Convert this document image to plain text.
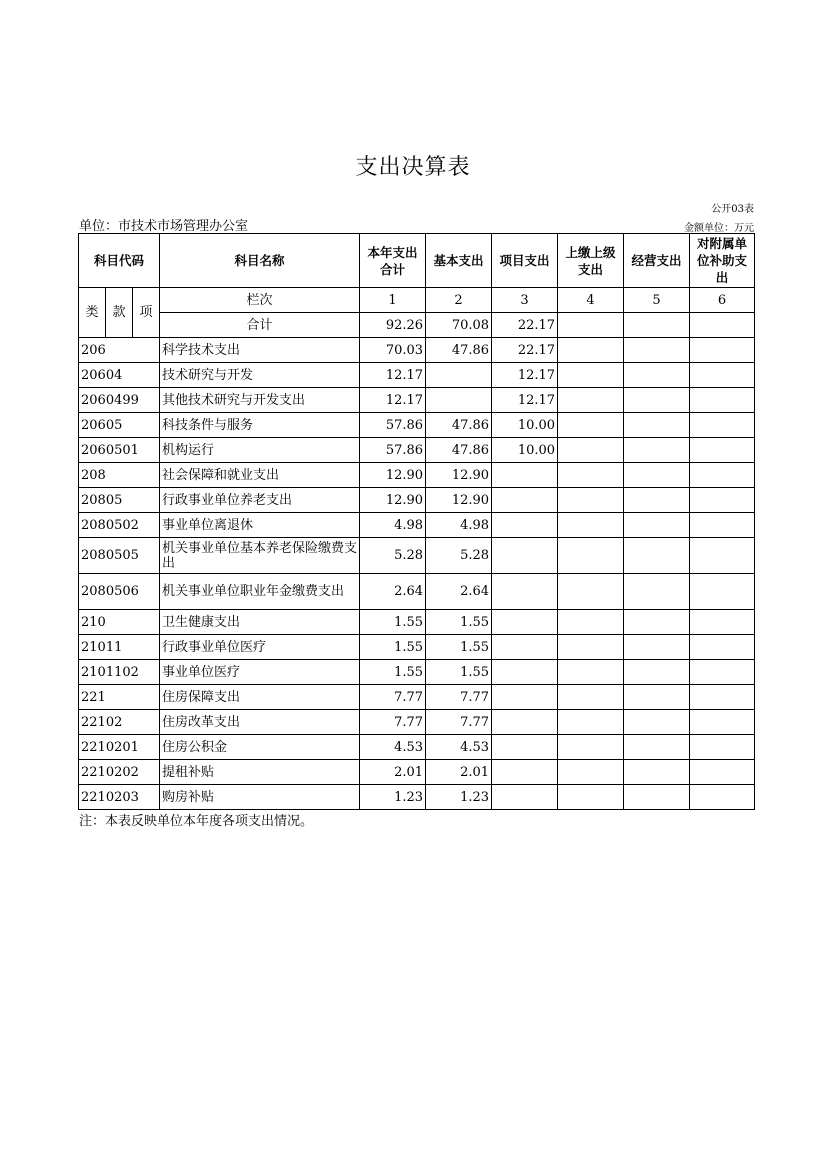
支出决算表
公开03表
单位：市技术市场管理办公室	金额单位：万元
科目代码			科目名称	本年支出合计	基本支出	项目支出	上缴上级支出	经营支出	对附属单位补助支出
类	款	项	栏次	1	2	3	4	5	6
			合计	92.26	70.08	22.17			
206			科学技术支出	70.03	47.86	22.17			
20604			技术研究与开发	12.17		12.17			
2060499			其他技术研究与开发支出	12.17		12.17			
20605			科技条件与服务	57.86	47.86	10.00			
2060501			机构运行	57.86	47.86	10.00			
208			社会保障和就业支出	12.90	12.90				
20805			行政事业单位养老支出	12.90	12.90				
2080502			事业单位离退休	4.98	4.98				
2080505			机关事业单位基本养老保险缴费支出	5.28	5.28				
2080506			机关事业单位职业年金缴费支出	2.64	2.64				
210			卫生健康支出	1.55	1.55				
21011			行政事业单位医疗	1.55	1.55				
2101102			事业单位医疗	1.55	1.55				
221			住房保障支出	7.77	7.77				
22102			住房改革支出	7.77	7.77				
2210201			住房公积金	4.53	4.53				
2210202			提租补贴	2.01	2.01				
2210203			购房补贴	1.23	1.23				
注：本表反映单位本年度各项支出情况。
